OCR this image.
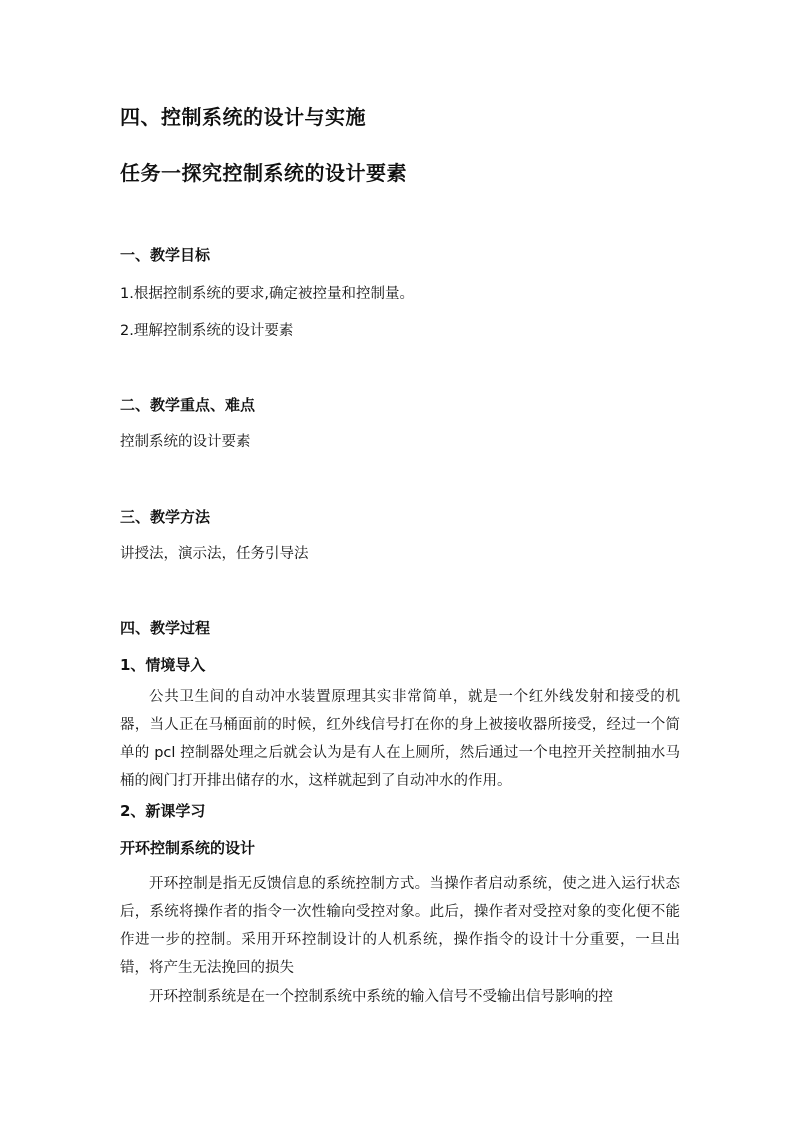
四、控制系统的设计与实施
任务一探究控制系统的设计要素
一、教学目标
1.根据控制系统的要求,确定被控量和控制量。
2.理解控制系统的设计要素
二、教学重点、难点
控制系统的设计要素
三、教学方法
讲授法，演示法，任务引导法
四、教学过程
1、情境导入

公共卫生间的自动冲水装置原理其实非常简单，就是一个红外线发射和接受的机器，当人正在马桶面前的时候，红外线信号打在你的身上被接收器所接受，经过一个简单的 pcl 控制器处理之后就会认为是有人在上厕所，然后通过一个电控开关控制抽水马桶的阀门打开排出储存的水，这样就起到了自动冲水的作用。

2、新课学习
开环控制系统的设计

开环控制是指无反馈信息的系统控制方式。当操作者启动系统，使之进入运行状态后，系统将操作者的指令一次性输向受控对象。此后，操作者对受控对象的变化便不能作进一步的控制。采用开环控制设计的人机系统，操作指令的设计十分重要，一旦出错，将产生无法挽回的损失

开环控制系统是在一个控制系统中系统的输入信号不受输出信号影响的控
